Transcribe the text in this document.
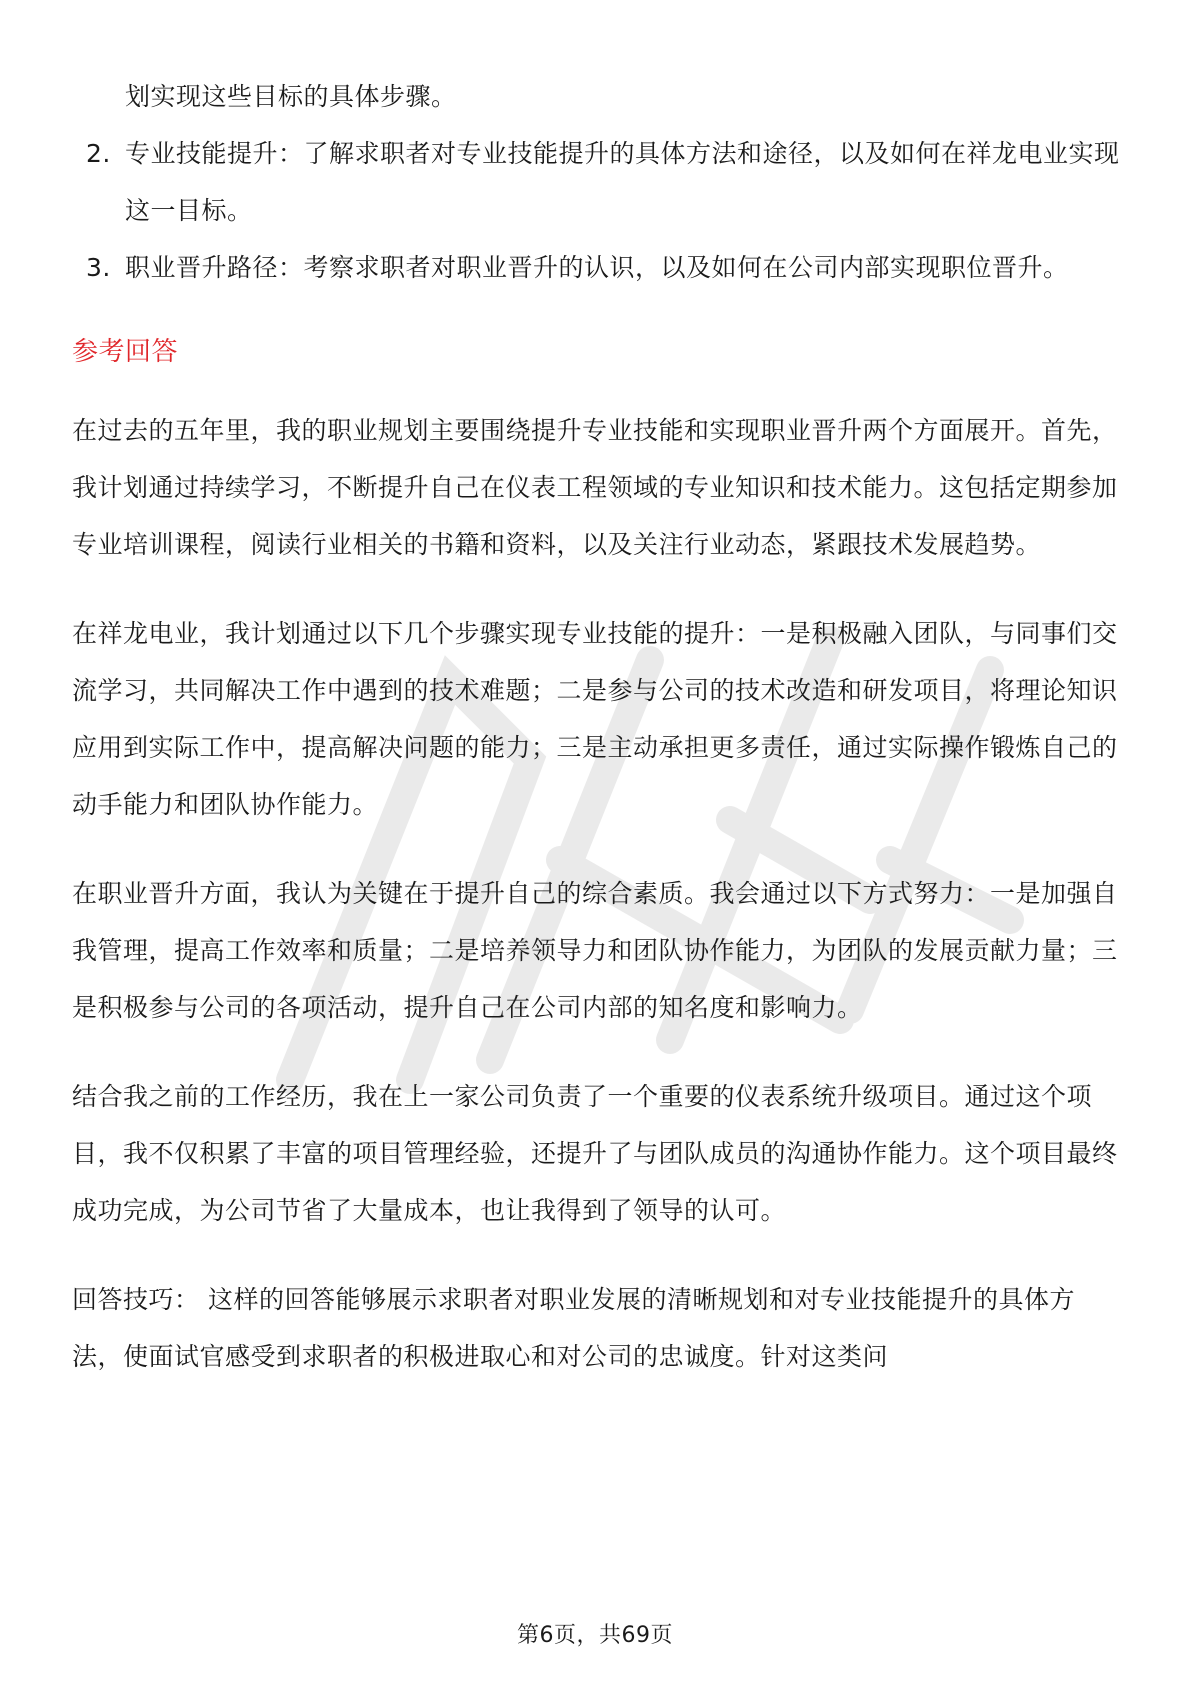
划实现这些目标的具体步骤。

2. 专业技能提升：了解求职者对专业技能提升的具体方法和途径，以及如何在祥龙电业实现这一目标。
3. 职业晋升路径：考察求职者对职业晋升的认识，以及如何在公司内部实现职位晋升。
参考回答

在过去的五年里，我的职业规划主要围绕提升专业技能和实现职业晋升两个方面展开。首先，我计划通过持续学习，不断提升自己在仪表工程领域的专业知识和技术能力。这包括定期参加专业培训课程，阅读行业相关的书籍和资料，以及关注行业动态，紧跟技术发展趋势。

在祥龙电业，我计划通过以下几个步骤实现专业技能的提升：一是积极融入团队，与同事们交流学习，共同解决工作中遇到的技术难题；二是参与公司的技术改造和研发项目，将理论知识应用到实际工作中，提高解决问题的能力；三是主动承担更多责任，通过实际操作锻炼自己的动手能力和团队协作能力。

在职业晋升方面，我认为关键在于提升自己的综合素质。我会通过以下方式努力：一是加强自我管理，提高工作效率和质量；二是培养领导力和团队协作能力，为团队的发展贡献力量；三是积极参与公司的各项活动，提升自己在公司内部的知名度和影响力。

结合我之前的工作经历，我在上一家公司负责了一个重要的仪表系统升级项目。通过这个项目，我不仅积累了丰富的项目管理经验，还提升了与团队成员的沟通协作能力。这个项目最终成功完成，为公司节省了大量成本，也让我得到了领导的认可。

回答技巧： 这样的回答能够展示求职者对职业发展的清晰规划和对专业技能提升的具体方法，使面试官感受到求职者的积极进取心和对公司的忠诚度。针对这类问

第6页，共69页
